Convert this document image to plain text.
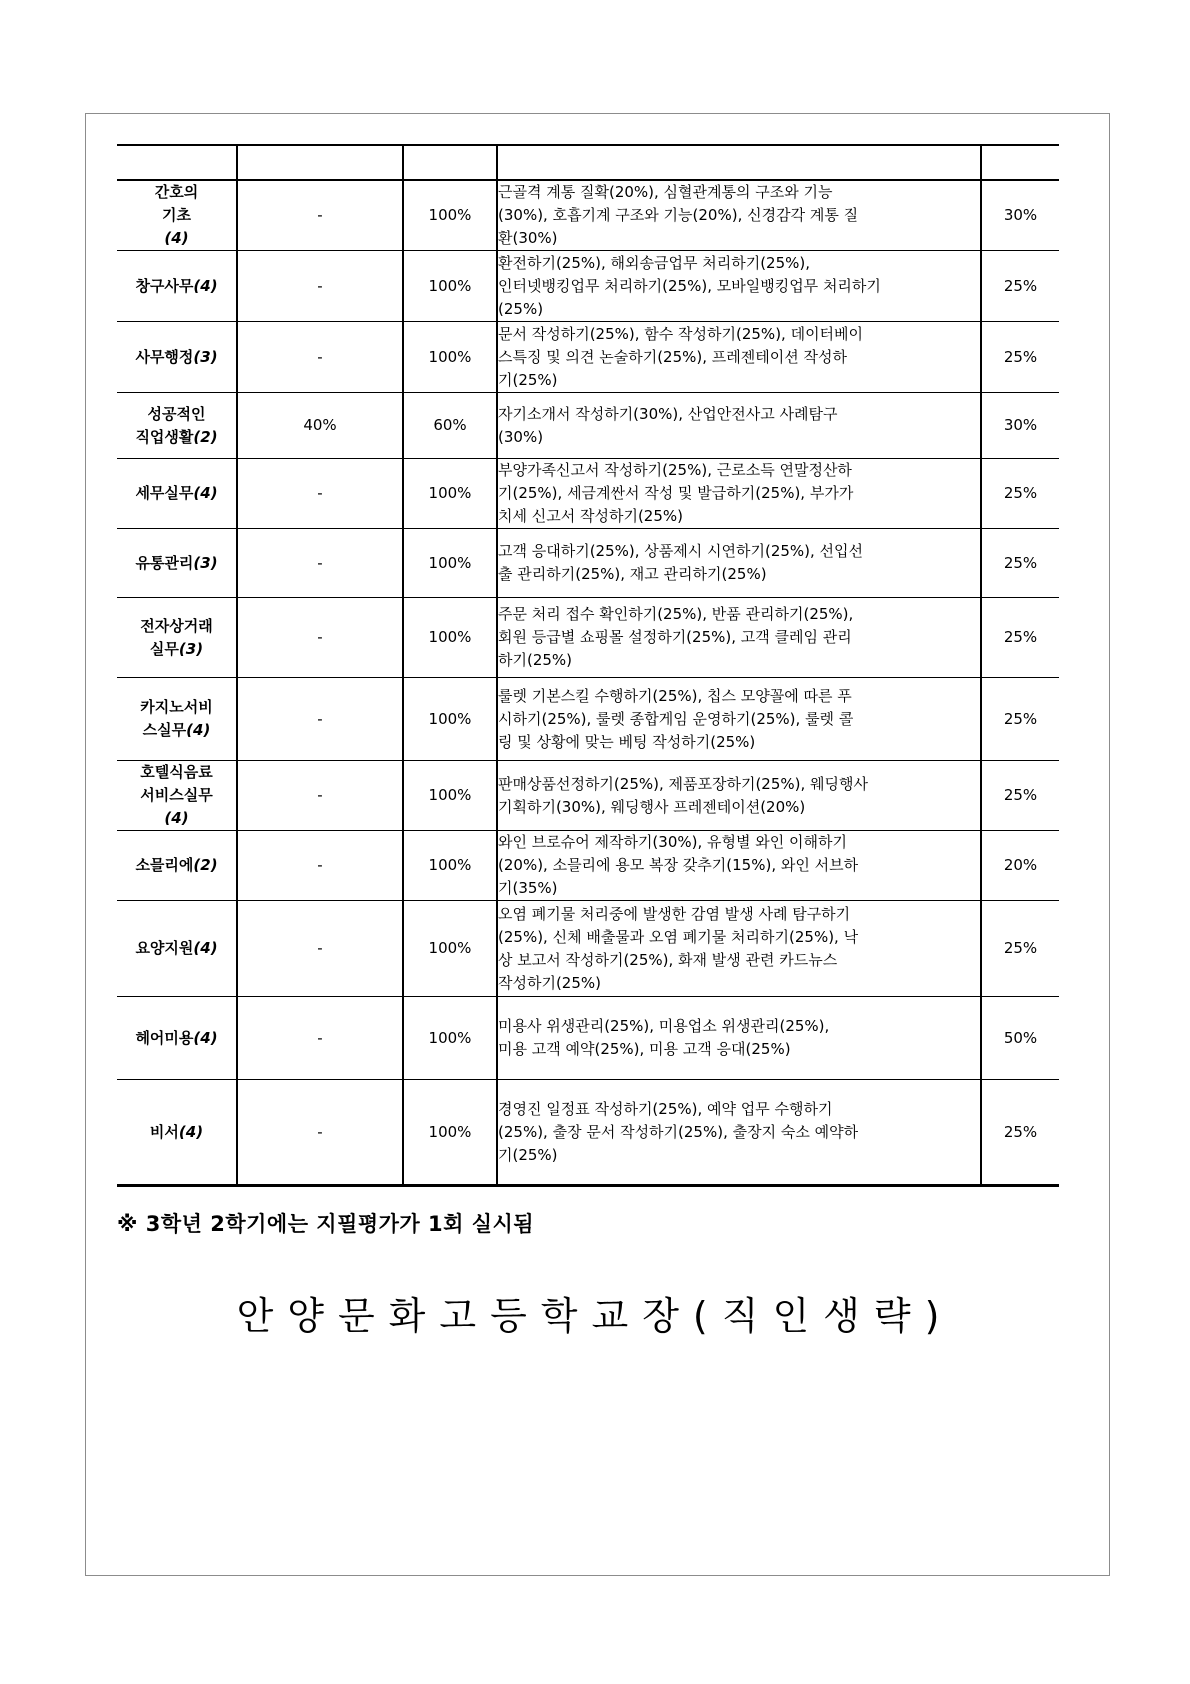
간호의
기초
(4)	-	100%	근골격 계통 질확(20%), 심혈관계통의 구조와 기능
(30%), 호흡기계 구조와 기능(20%), 신경감각 계통 질
환(30%)	30%
창구사무(4)	-	100%	환전하기(25%), 해외송금업무 처리하기(25%),
인터넷뱅킹업무 처리하기(25%), 모바일뱅킹업무 처리하기
(25%)	25%
사무행정(3)	-	100%	문서 작성하기(25%), 함수 작성하기(25%), 데이터베이
스특징 및 의견 논술하기(25%), 프레젠테이션 작성하
기(25%)	25%

성공적인
직업생활(2)	40%	60%	자기소개서 작성하기(30%), 산업안전사고 사례탐구
(30%)	30%
세무실무(4)	-	100%	부양가족신고서 작성하기(25%), 근로소득 연말정산하
기(25%), 세금계싼서 작성 및 발급하기(25%), 부가가
치세 신고서 작성하기(25%)	25%
유통관리(3)	-	100%	고객 응대하기(25%), 상품제시 시연하기(25%), 선입선
출 관리하기(25%), 재고 관리하기(25%)	25%

전자상거래
실무(3)	-	100%	주문 처리 접수 확인하기(25%), 반품 관리하기(25%),
회원 등급별 쇼핑몰 설정하기(25%), 고객 클레임 관리
하기(25%)	25%

카지노서비
스실무(4)	-	100%	룰렛 기본스킬 수행하기(25%), 칩스 모양꼴에 따른 푸
시하기(25%), 룰렛 종합게임 운영하기(25%), 룰렛 콜
링 및 상황에 맞는 베팅 작성하기(25%)	25%

호텔식음료
서비스실무
(4)	-	100%	판매상품선정하기(25%), 제품포장하기(25%), 웨딩행사
기획하기(30%), 웨딩행사 프레젠테이션(20%)	25%
소믈리에(2)	-	100%	와인 브로슈어 제작하기(30%), 유형별 와인 이해하기
(20%), 소믈리에 용모 복장 갖추기(15%), 와인 서브하
기(35%)	20%
요양지원(4)	-	100%	오염 폐기물 처리중에 발생한 감염 발생 사례 탐구하기
(25%), 신체 배출물과 오염 폐기물 처리하기(25%), 낙
상 보고서 작성하기(25%), 화재 발생 관련 카드뉴스
작성하기(25%)	25%
헤어미용(4)	-	100%	미용사 위생관리(25%), 미용업소 위생관리(25%),
미용 고객 예약(25%), 미용 고객 응대(25%)	50%
비서(4)	-	100%	경영진 일정표 작성하기(25%), 예약 업무 수행하기
(25%), 출장 문서 작성하기(25%), 출장지 숙소 예약하
기(25%)	25%
※ 3학년 2학기에는 지필평가가 1회 실시됨
안양문화고등학교장(직인생략)
